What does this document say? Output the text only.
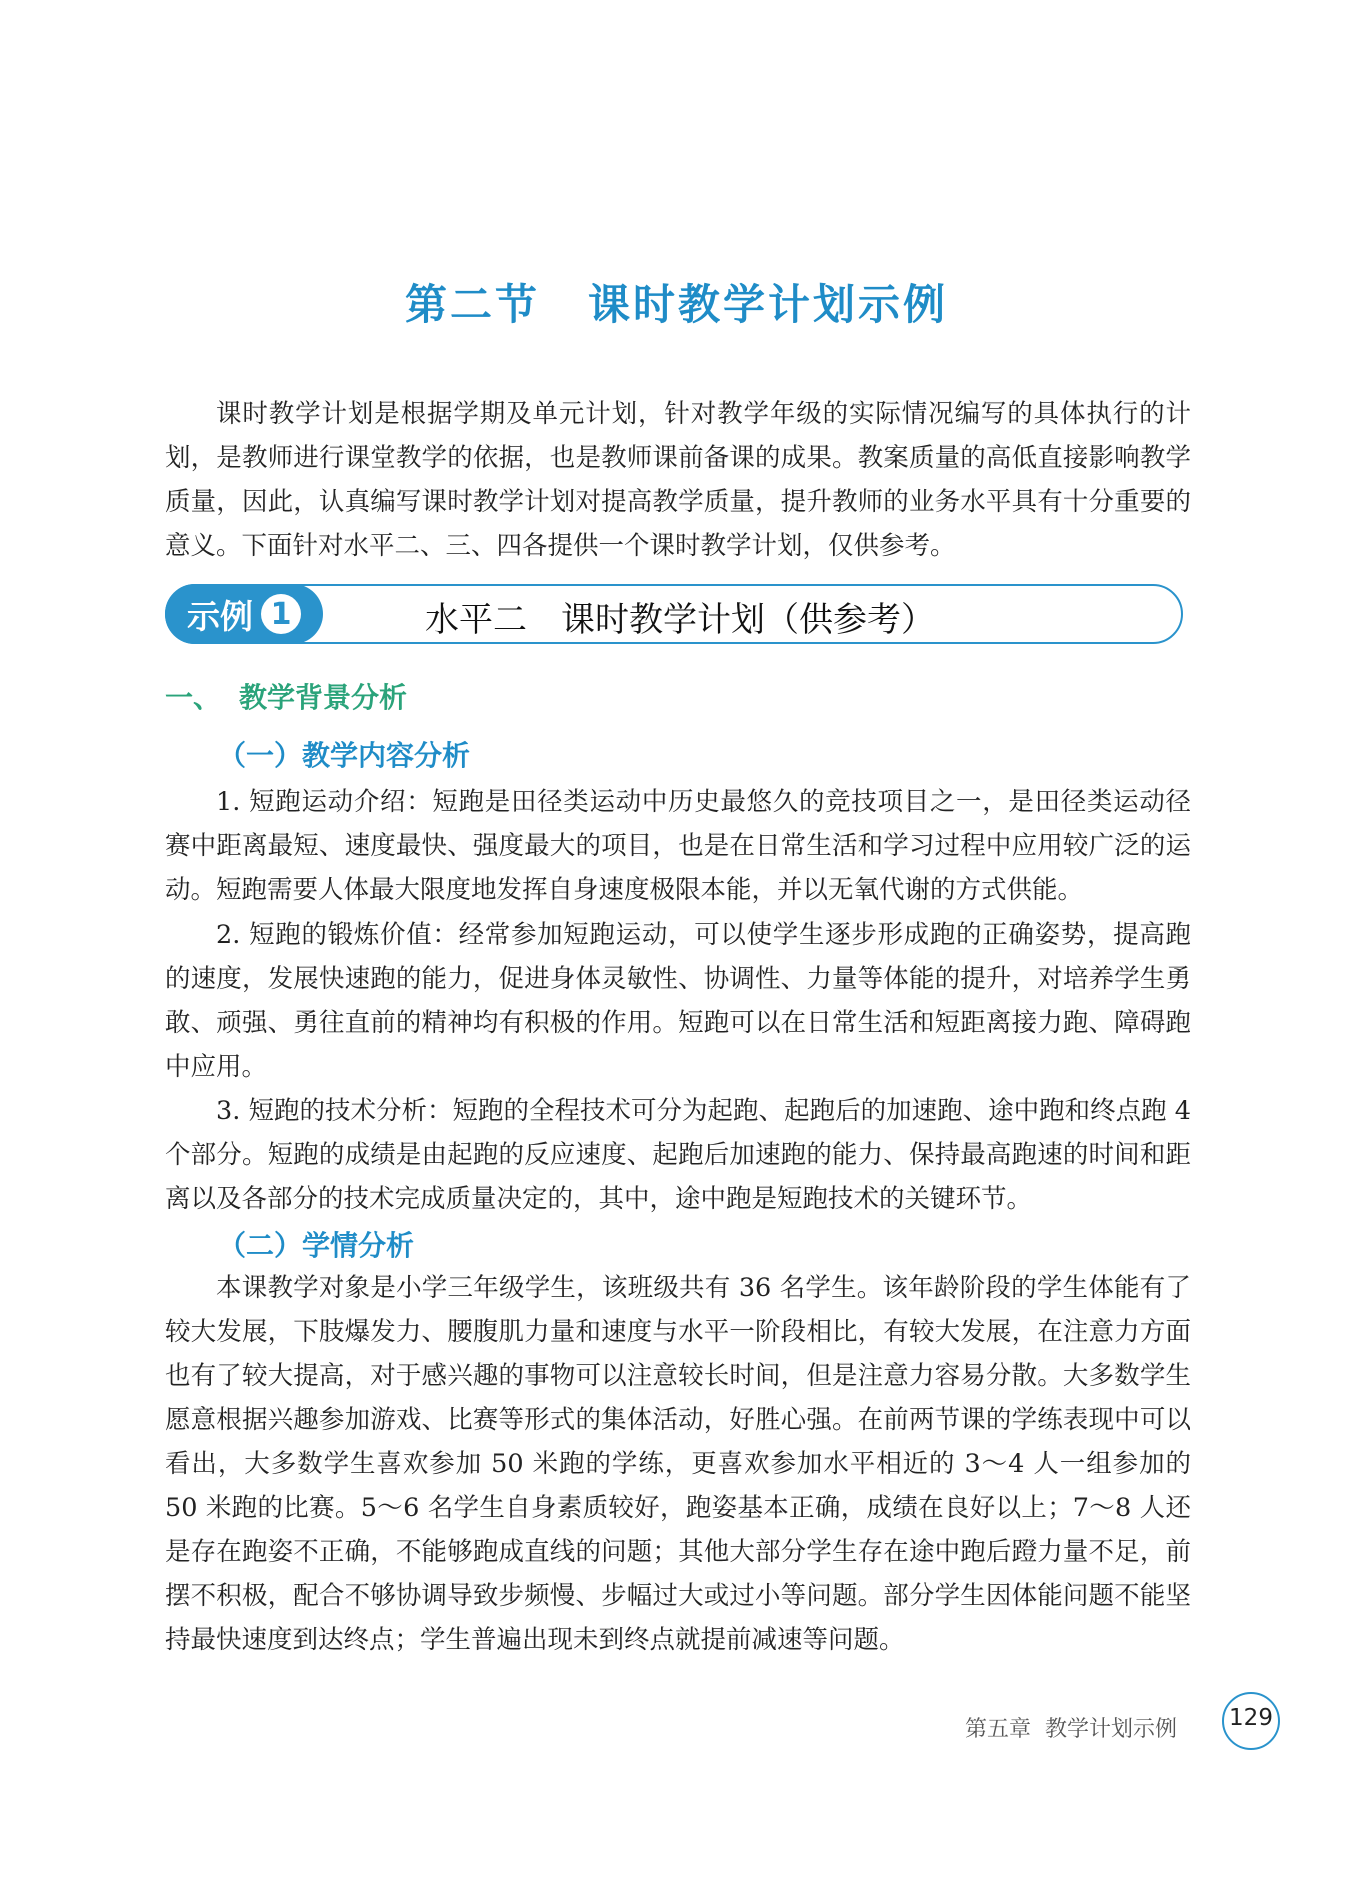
第二节 课时教学计划示例

课时教学计划是根据学期及单元计划，针对教学年级的实际情况编写的具体执行的计划，是教师进行课堂教学的依据，也是教师课前备课的成果。教案质量的高低直接影响教学质量，因此，认真编写课时教学计划对提高教学质量，提升教师的业务水平具有十分重要的意义。下面针对水平二、三、四各提供一个课时教学计划，仅供参考。

示例 1	水平二 课时教学计划（供参考）
一、 教学背景分析
（一）教学内容分析

1. 短跑运动介绍：短跑是田径类运动中历史最悠久的竞技项目之一，是田径类运动径赛中距离最短、速度最快、强度最大的项目，也是在日常生活和学习过程中应用较广泛的运动。短跑需要人体最大限度地发挥自身速度极限本能，并以无氧代谢的方式供能。

2. 短跑的锻炼价值：经常参加短跑运动，可以使学生逐步形成跑的正确姿势，提高跑的速度，发展快速跑的能力，促进身体灵敏性、协调性、力量等体能的提升，对培养学生勇敢、顽强、勇往直前的精神均有积极的作用。短跑可以在日常生活和短距离接力跑、障碍跑中应用。

3. 短跑的技术分析：短跑的全程技术可分为起跑、起跑后的加速跑、途中跑和终点跑 4 个部分。短跑的成绩是由起跑的反应速度、起跑后加速跑的能力、保持最高跑速的时间和距离以及各部分的技术完成质量决定的，其中，途中跑是短跑技术的关键环节。

（二）学情分析

本课教学对象是小学三年级学生，该班级共有 36 名学生。该年龄阶段的学生体能有了较大发展，下肢爆发力、腰腹肌力量和速度与水平一阶段相比，有较大发展，在注意力方面也有了较大提高，对于感兴趣的事物可以注意较长时间，但是注意力容易分散。大多数学生愿意根据兴趣参加游戏、比赛等形式的集体活动，好胜心强。在前两节课的学练表现中可以看出，大多数学生喜欢参加 50 米跑的学练，更喜欢参加水平相近的 3～4 人一组参加的 50 米跑的比赛。5～6 名学生自身素质较好，跑姿基本正确，成绩在良好以上；7～8 人还是存在跑姿不正确，不能够跑成直线的问题；其他大部分学生存在途中跑后蹬力量不足，前摆不积极，配合不够协调导致步频慢、步幅过大或过小等问题。部分学生因体能问题不能坚持最快速度到达终点；学生普遍出现未到终点就提前减速等问题。

第五章 教学计划示例	129
